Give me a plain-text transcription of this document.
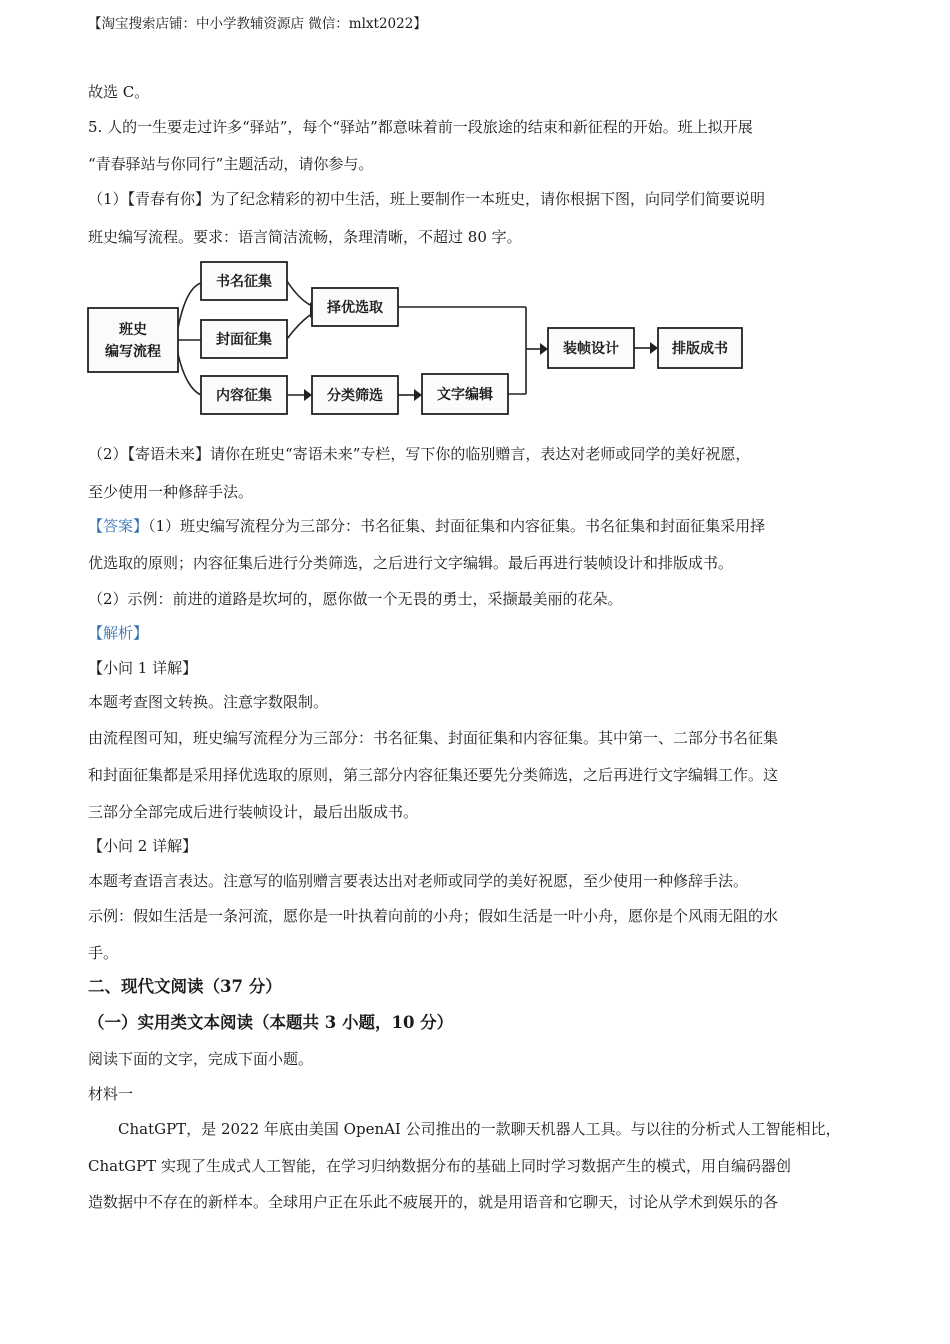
【淘宝搜索店铺：中小学教辅资源店 微信：mlxt2022】
故选 C。
5. 人的一生要走过许多“驿站”，每个“驿站”都意味着前一段旅途的结束和新征程的开始。班上拟开展
“青春驿站与你同行”主题活动，请你参与。
（1）【青春有你】为了纪念精彩的初中生活，班上要制作一本班史，请你根据下图，向同学们简要说明
班史编写流程。要求：语言简洁流畅，条理清晰，不超过 80 字。
班史
编写流程
书名征集
封面征集
内容征集
择优选取
分类筛选	文字编辑
装帧设计	排版成书
（2）【寄语未来】请你在班史“寄语未来”专栏，写下你的临别赠言，表达对老师或同学的美好祝愿，
至少使用一种修辞手法。
【答案】（1）班史编写流程分为三部分：书名征集、封面征集和内容征集。书名征集和封面征集采用择
优选取的原则；内容征集后进行分类筛选，之后进行文字编辑。最后再进行装帧设计和排版成书。
（2）示例：前进的道路是坎坷的，愿你做一个无畏的勇士，采撷最美丽的花朵。
【解析】
【小问 1 详解】
本题考查图文转换。注意字数限制。
由流程图可知，班史编写流程分为三部分：书名征集、封面征集和内容征集。其中第一、二部分书名征集
和封面征集都是采用择优选取的原则，第三部分内容征集还要先分类筛选，之后再进行文字编辑工作。这
三部分全部完成后进行装帧设计，最后出版成书。
【小问 2 详解】
本题考查语言表达。注意写的临别赠言要表达出对老师或同学的美好祝愿，至少使用一种修辞手法。
示例：假如生活是一条河流，愿你是一叶执着向前的小舟；假如生活是一叶小舟，愿你是个风雨无阻的水
手。
二、现代文阅读（37 分）
（一）实用类文本阅读（本题共 3 小题，10 分）
阅读下面的文字，完成下面小题。
材料一
ChatGPT，是 2022 年底由美国 OpenAI 公司推出的一款聊天机器人工具。与以往的分析式人工智能相比，
ChatGPT 实现了生成式人工智能，在学习归纳数据分布的基础上同时学习数据产生的模式，用自编码器创
造数据中不存在的新样本。全球用户正在乐此不疲展开的，就是用语音和它聊天，讨论从学术到娱乐的各
